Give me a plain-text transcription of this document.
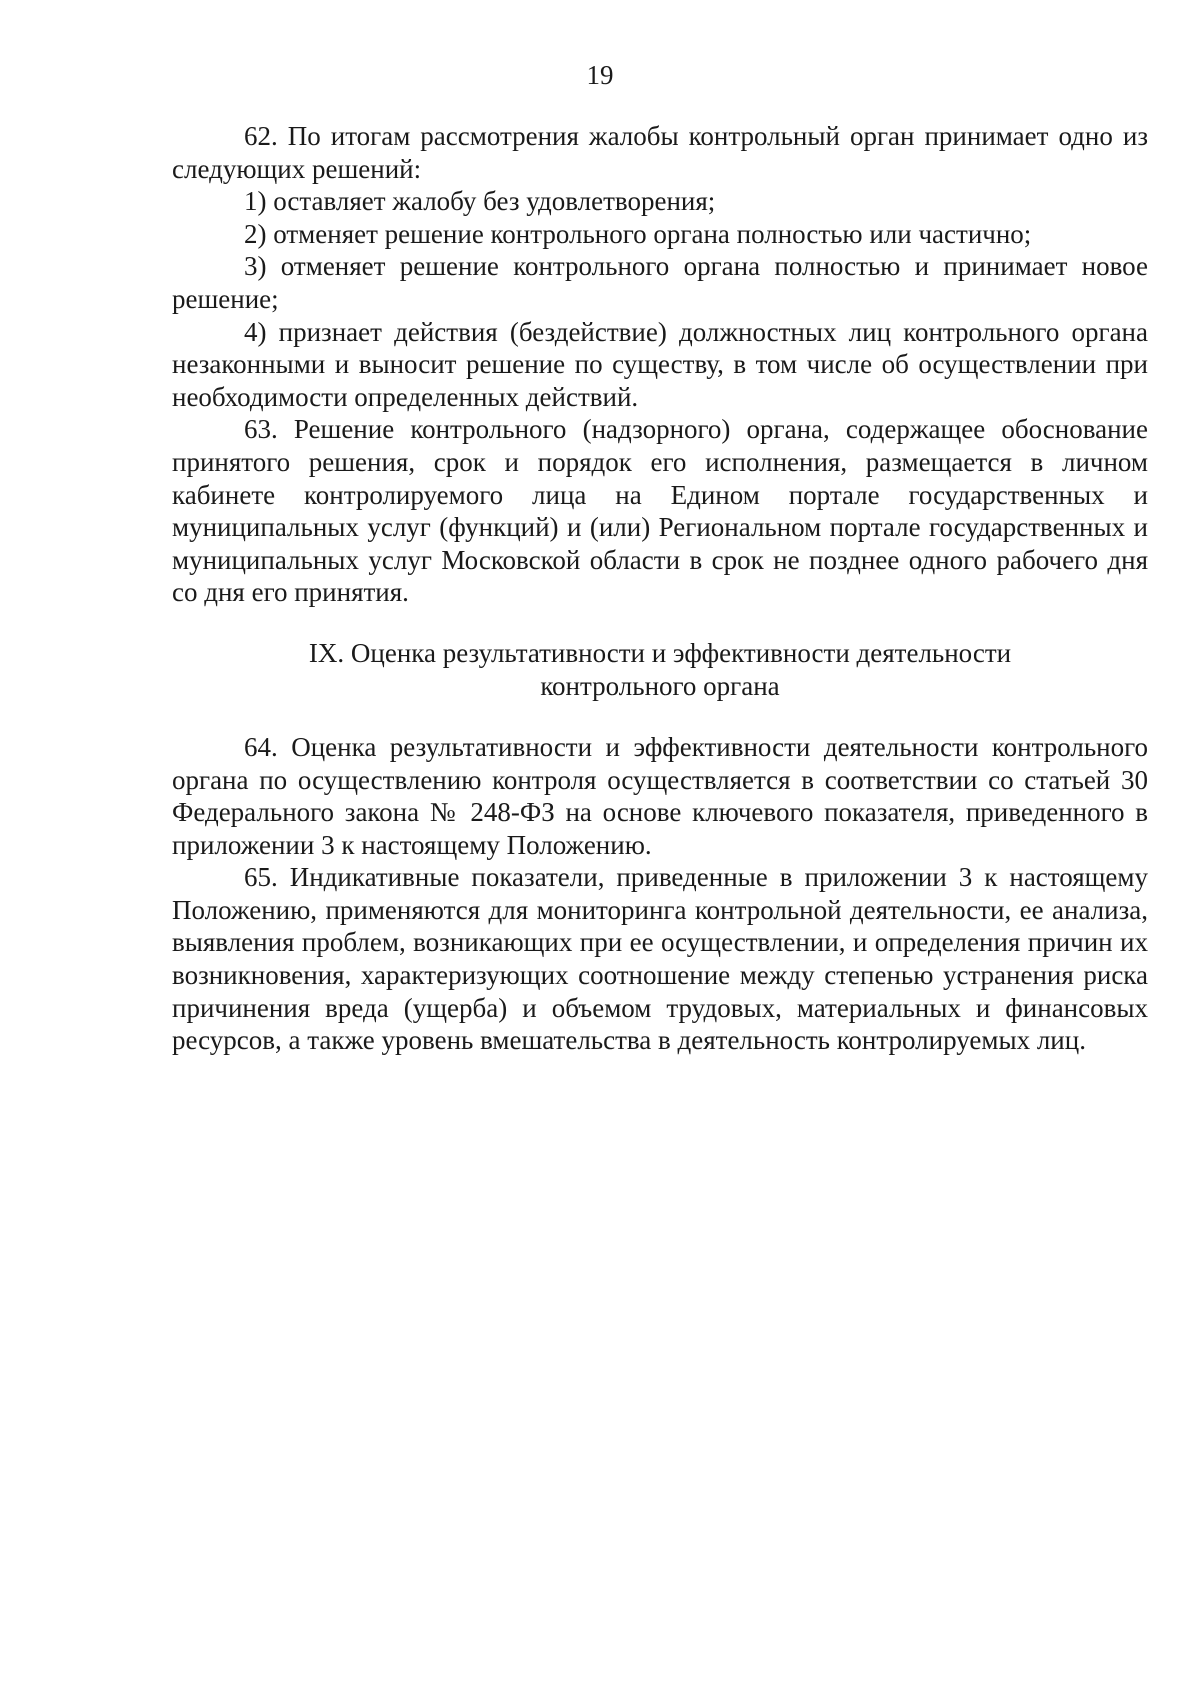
19

62. По итогам рассмотрения жалобы контрольный орган принимает одно из следующих решений:

1) оставляет жалобу без удовлетворения;

2) отменяет решение контрольного органа полностью или частично;

3) отменяет решение контрольного органа полностью и принимает новое решение;

4) признает действия (бездействие) должностных лиц контрольного органа незаконными и выносит решение по существу, в том числе об осуществлении при необходимости определенных действий.

63. Решение контрольного (надзорного) органа, содержащее обоснование принятого решения, срок и порядок его исполнения, размещается в личном кабинете контролируемого лица на Едином портале государственных и муниципальных услуг (функций) и (или) Региональном портале государственных и муниципальных услуг Московской области в срок не позднее одного рабочего дня со дня его принятия.

IX. Оценка результативности и эффективности деятельности
контрольного органа

64. Оценка результативности и эффективности деятельности контрольного органа по осуществлению контроля осуществляется в соответствии со статьей 30 Федерального закона № 248-ФЗ на основе ключевого показателя, приведенного в приложении 3 к настоящему Положению.

65. Индикативные показатели, приведенные в приложении 3 к настоящему Положению, применяются для мониторинга контрольной деятельности, ее анализа, выявления проблем, возникающих при ее осуществлении, и определения причин их возникновения, характеризующих соотношение между степенью устранения риска причинения вреда (ущерба) и объемом трудовых, материальных и финансовых ресурсов, а также уровень вмешательства в деятельность контролируемых лиц.
